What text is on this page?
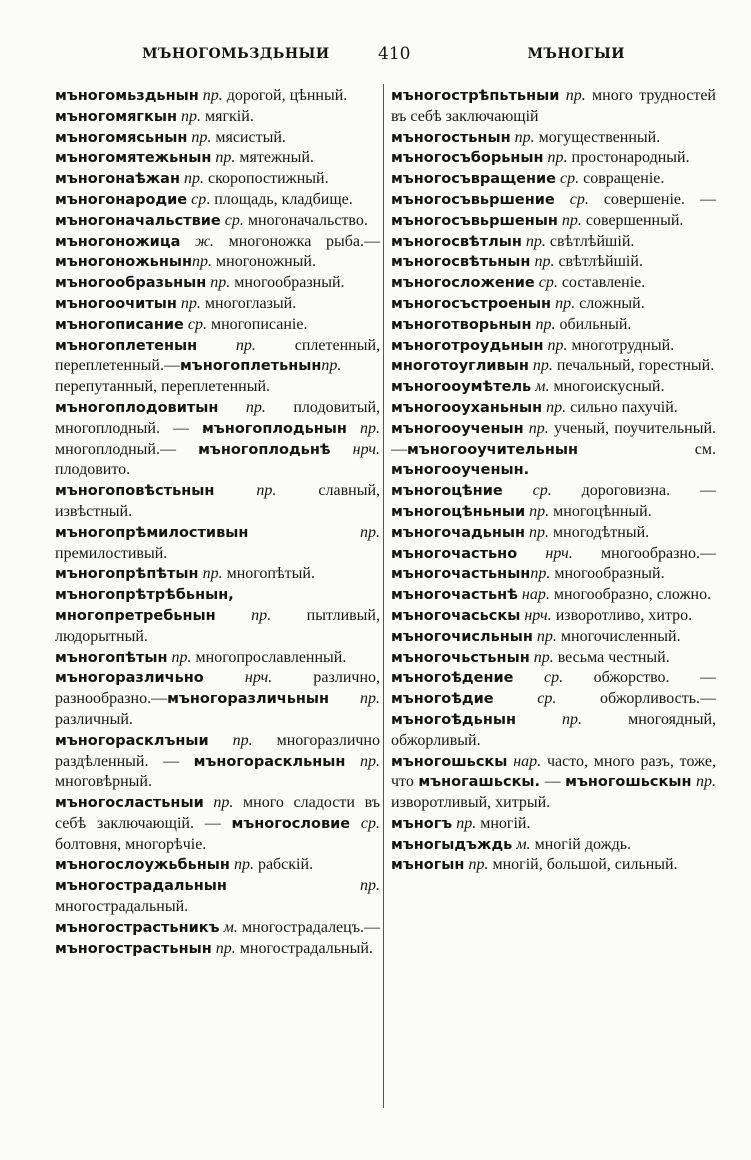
МЪНОГОМЬЗДЬНЫИ	410	МЪНОГЫИ
мъногомьздьнын пр. дорогой, цѣнный.
мъногомягкын пр. мягкій.
мъногомясьнын пр. мясистый.
мъногомятежьнын пр. мятежный.
мъногонаѣжан пр. скоропостижный.
мъногонародие ср. площадь, кладбище.
мъногоначальствие ср. многоначальство.
мъногоножица ж. многоножка рыба.—мъногоножьнынпр. многоножный.
мъногообразьнын пр. многообразный.
мъногоочитын пр. многоглазый.
мъногописание ср. многописаніе.
мъногоплетенын пр. сплетенный, переплетенный.—мъногоплетьнынпр. перепутанный, переплетенный.
мъногоплодовитын пр. плодовитый, многоплодный. — мъногоплодьнын пр. многоплодный.— мъногоплодьнѣ нрч. плодовито.
мъногоповѣстьнын пр. славный, извѣстный.
мъногопрѣмилостивын пр. премилостивый.
мъногопрѣпѣтын пр. многопѣтый.
мъногопрѣтрѣбьнын, многопретребьнын пр. пытливый, людорытный.
мъногопѣтын пр. многопрославленный.
мъногоразличьно нрч. различно, разнообразно.—мъногоразличьнын пр. различный.
мъногорасклъныи пр. многоразлично раздѣленный. — мъногораскльнын пр. многовѣрный.
мъногосластьныи пр. много сладости въ себѣ заключающій. — мъногословие ср. болтовня, многорѣчіе.
мъногослоужьбьнын пр. рабскій.
мъногострадальнын пр. многострадальный.
мъногострастьникъ м. многострадалецъ.—мъногострастьнын пр. многострадальный.
мъногострѣпьтьныи пр. много трудностей въ себѣ заключающій
мъногостьнын пр. могущественный.
мъногосъборьнын пр. простонародный.
мъногосъвращение ср. совращеніе.
мъногосъвьршение ср. совершеніе. — мъногосъвьршенын пр. совершенный.
мъногосвѣтлын пр. свѣтлѣйшій.
мъногосвѣтьнын пр. свѣтлѣйшій.
мъногосложение ср. составленіе.
мъногосъстроенын пр. сложный.
мъноготворьнын пр. обильный.
мъноготроудьнын пр. многотрудный.
многотоугливын пр. печальный, горестный.
мъногооумѣтель м. многоискусный.
мъногооуханьнын пр. сильно пахучій.
мъногооученын пр. ученый, поучительный.—мъногооучительнын см. мъногооученын.
мъногоцѣние ср. дороговизна. — мъногоцѣньныи пр. многоцѣнный.
мъногочадьнын пр. многодѣтный.
мъногочастьно нрч. многообразно.—мъногочастьнынпр. многообразный.
мъногочастьнѣ нар. многообразно, сложно.
мъногочасьскы нрч. изворотливо, хитро.
мъногочисльнын пр. многочисленный.
мъногочьстьнын пр. весьма честный.
мъногоѣдение ср. обжорство. — мъногоѣдие ср. обжорливость.—мъногоѣдьнын пр. многоядный, обжорливый.
мъногошьскы нар. часто, много разъ, тоже, что мъногашьскы. — мъногошьскын пр. изворотливый, хитрый.
мъногъ пр. многій.
мъногыдъждь м. многій дождь.
мъногын пр. многій, большой, сильный.
